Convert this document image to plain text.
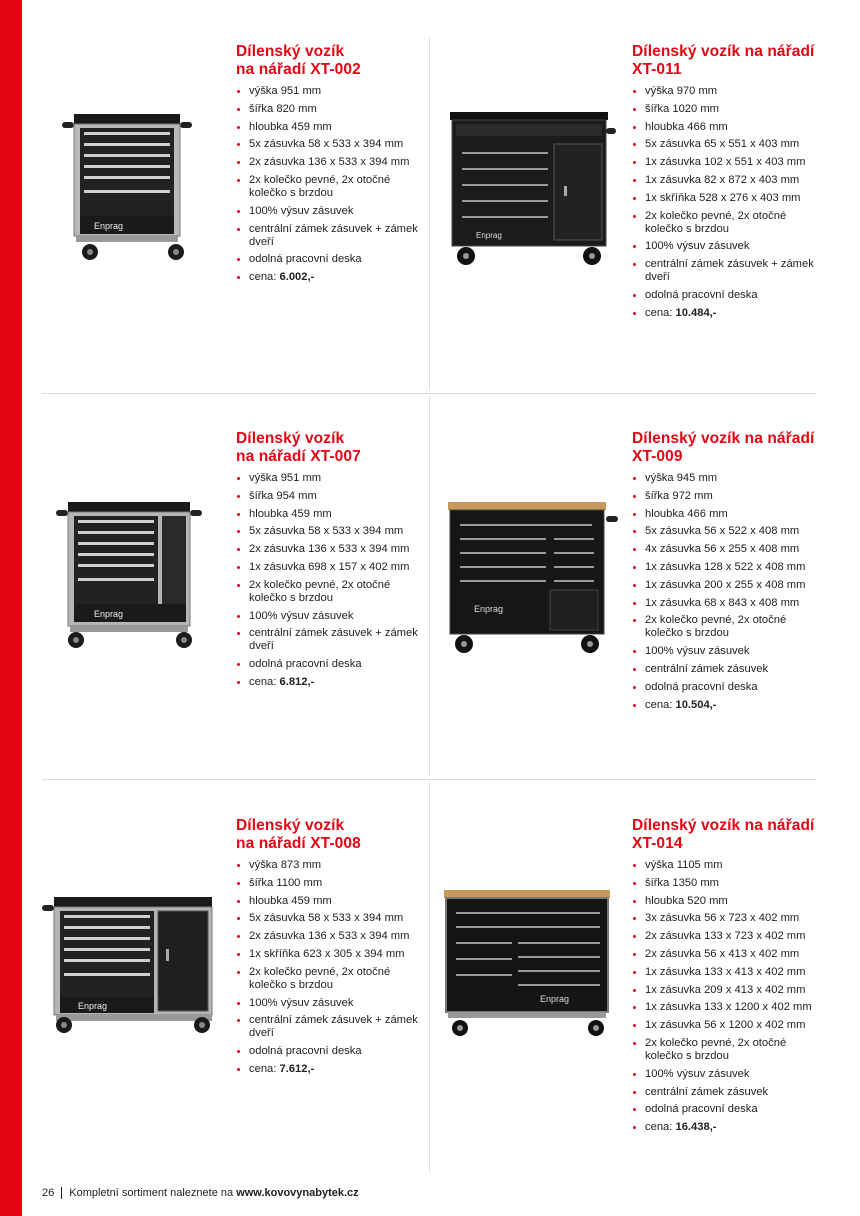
Enprag
Dílenský vozík
na nářadí XT-002
výška 951 mm
šířka 820 mm
hloubka 459 mm
5x zásuvka 58 x 533 x 394 mm
2x zásuvka 136 x 533 x 394 mm
2x kolečko pevné, 2x otočné kolečko s brzdou
100% výsuv zásuvek
centrální zámek zásuvek + zámek dveří
odolná pracovní deska
cena: 6.002,-
Enprag
Dílenský vozík na nářadí
XT-011
výška 970 mm
šířka 1020 mm
hloubka 466 mm
5x zásuvka 65 x 551 x 403 mm
1x zásuvka 102 x 551 x 403 mm
1x zásuvka 82 x 872 x 403 mm
1x skříňka 528 x 276 x 403 mm
2x kolečko pevné, 2x otočné kolečko s brzdou
100% výsuv zásuvek
centrální zámek zásuvek + zámek dveří
odolná pracovní deska
cena: 10.484,-
Enprag
Dílenský vozík
na nářadí XT-007
výška 951 mm
šířka 954 mm
hloubka 459 mm
5x zásuvka 58 x 533 x 394 mm
2x zásuvka 136 x 533 x 394 mm
1x zásuvka 698 x 157 x 402 mm
2x kolečko pevné, 2x otočné kolečko s brzdou
100% výsuv zásuvek
centrální zámek zásuvek + zámek dveří
odolná pracovní deska
cena: 6.812,-
Enprag
Dílenský vozík na nářadí
XT-009
výška 945 mm
šířka 972 mm
hloubka 466 mm
5x zásuvka 56 x 522 x 408 mm
4x zásuvka 56 x 255 x 408 mm
1x zásuvka 128 x 522 x 408 mm
1x zásuvka 200 x 255 x 408 mm
1x zásuvka 68 x 843 x 408 mm
2x kolečko pevné, 2x otočné kolečko s brzdou
100% výsuv zásuvek
centrální zámek zásuvek
odolná pracovní deska
cena: 10.504,-
Enprag
Dílenský vozík
na nářadí XT-008
výška 873 mm
šířka 1100 mm
hloubka 459 mm
5x zásuvka 58 x 533 x 394 mm
2x zásuvka 136 x 533 x 394 mm
1x skříňka 623 x 305 x 394 mm
2x kolečko pevné, 2x otočné kolečko s brzdou
100% výsuv zásuvek
centrální zámek zásuvek + zámek dveří
odolná pracovní deska
cena: 7.612,-
Enprag
Dílenský vozík na nářadí
XT-014
výška 1105 mm
šířka 1350 mm
hloubka 520 mm
3x zásuvka 56 x 723 x 402 mm
2x zásuvka 133 x 723 x 402 mm
2x zásuvka 56 x 413 x 402 mm
1x zásuvka 133 x 413 x 402 mm
1x zásuvka 209 x 413 x 402 mm
1x zásuvka 133 x 1200 x 402 mm
1x zásuvka 56 x 1200 x 402 mm
2x kolečko pevné, 2x otočné kolečko s brzdou
100% výsuv zásuvek
centrální zámek zásuvek
odolná pracovní deska
cena: 16.438,-
26 Kompletní sortiment naleznete na www.kovovynabytek.cz
